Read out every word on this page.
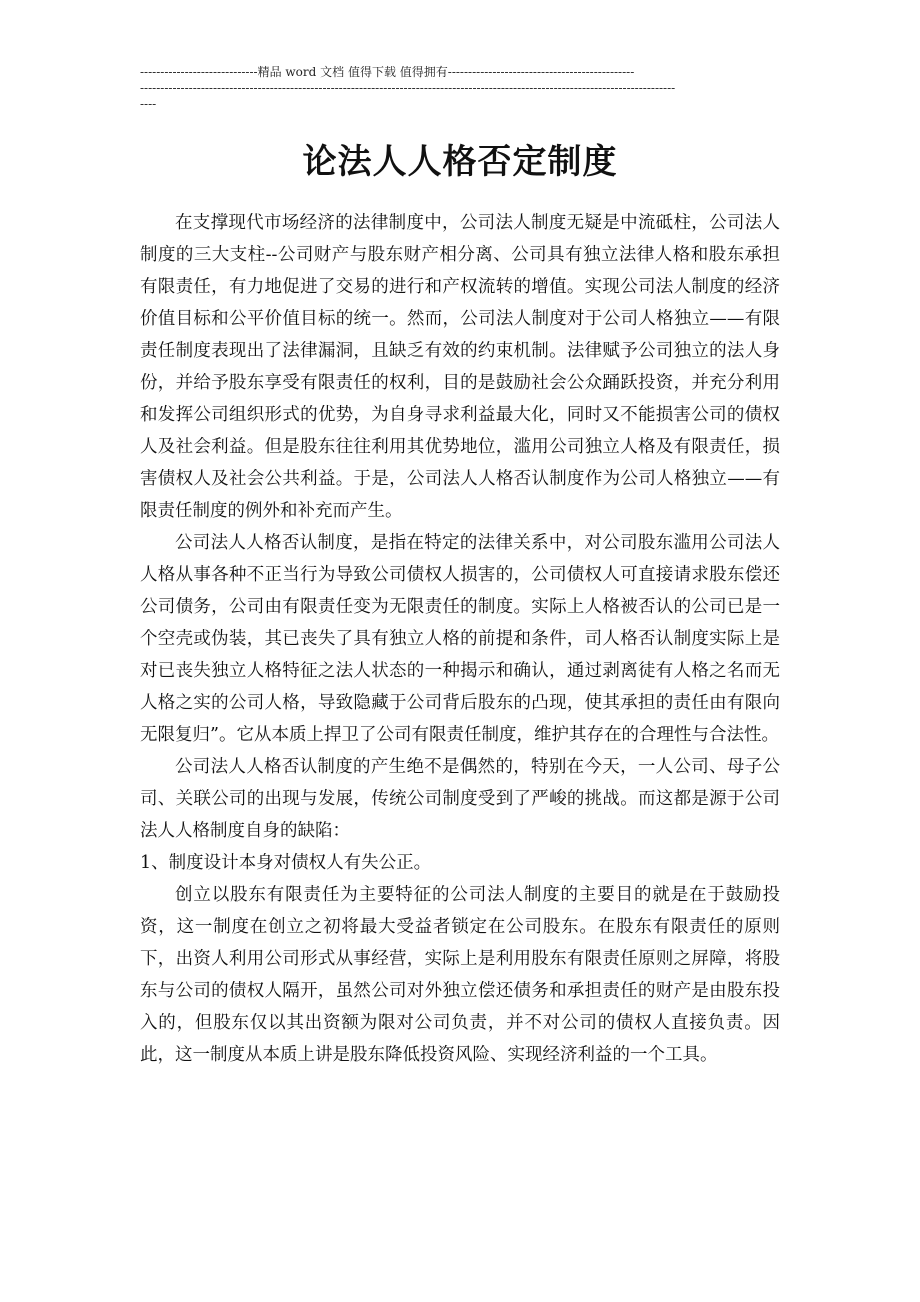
-----------------------------精品 word 文档 值得下载 值得拥有----------------------------------------------
------------------------------------------------------------------------------------------------------------------------------------
----
论法人人格否定制度

在支撑现代市场经济的法律制度中，公司法人制度无疑是中流砥柱，公司法人制度的三大支柱--公司财产与股东财产相分离、公司具有独立法律人格和股东承担有限责任，有力地促进了交易的进行和产权流转的增值。实现公司法人制度的经济价值目标和公平价值目标的统一。然而，公司法人制度对于公司人格独立——有限责任制度表现出了法律漏洞，且缺乏有效的约束机制。法律赋予公司独立的法人身份，并给予股东享受有限责任的权利，目的是鼓励社会公众踊跃投资，并充分利用和发挥公司组织形式的优势，为自身寻求利益最大化，同时又不能损害公司的债权人及社会利益。但是股东往往利用其优势地位，滥用公司独立人格及有限责任，损害债权人及社会公共利益。于是，公司法人人格否认制度作为公司人格独立——有限责任制度的例外和补充而产生。

公司法人人格否认制度，是指在特定的法律关系中，对公司股东滥用公司法人人格从事各种不正当行为导致公司债权人损害的，公司债权人可直接请求股东偿还公司债务，公司由有限责任变为无限责任的制度。实际上人格被否认的公司已是一个空壳或伪装，其已丧失了具有独立人格的前提和条件，司人格否认制度实际上是对已丧失独立人格特征之法人状态的一种揭示和确认，通过剥离徒有人格之名而无人格之实的公司人格，导致隐藏于公司背后股东的凸现，使其承担的责任由有限向无限复归”。它从本质上捍卫了公司有限责任制度，维护其存在的合理性与合法性。

公司法人人格否认制度的产生绝不是偶然的，特别在今天，一人公司、母子公司、关联公司的出现与发展，传统公司制度受到了严峻的挑战。而这都是源于公司法人人格制度自身的缺陷：

1、制度设计本身对债权人有失公正。

创立以股东有限责任为主要特征的公司法人制度的主要目的就是在于鼓励投资，这一制度在创立之初将最大受益者锁定在公司股东。在股东有限责任的原则下，出资人利用公司形式从事经营，实际上是利用股东有限责任原则之屏障，将股东与公司的债权人隔开，虽然公司对外独立偿还债务和承担责任的财产是由股东投入的，但股东仅以其出资额为限对公司负责，并不对公司的债权人直接负责。因此，这一制度从本质上讲是股东降低投资风险、实现经济利益的一个工具。
